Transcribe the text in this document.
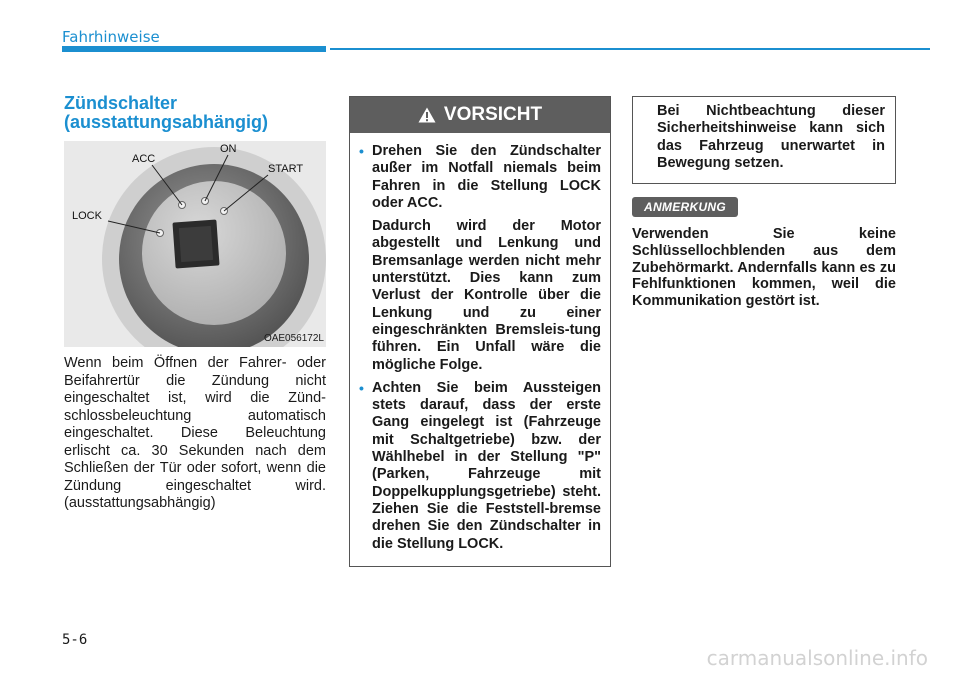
Fahrhinweise
Zündschalter
(ausstattungsabhängig)
ACC
ON
START
LOCK
OAE056172L

Wenn beim Öffnen der Fahrer- oder Beifahrertür die Zündung nicht eingeschaltet ist, wird die Zünd-schlossbeleuchtung automatisch eingeschaltet. Diese Beleuchtung erlischt ca. 30 Sekunden nach dem Schließen der Tür oder sofort, wenn die Zündung eingeschaltet wird. (ausstattungsabhängig)

VORSICHT
• Drehen Sie den Zündschalter außer im Notfall niemals beim Fahren in die Stellung LOCK oder ACC.
Dadurch wird der Motor abgestellt und Lenkung und Bremsanlage werden nicht mehr unterstützt. Dies kann zum Verlust der Kontrolle über die Lenkung und zu einer eingeschränkten Bremsleis-tung führen. Ein Unfall wäre die mögliche Folge.
• Achten Sie beim Aussteigen stets darauf, dass der erste Gang eingelegt ist (Fahrzeuge mit Schaltgetriebe) bzw. der Wählhebel in der Stellung "P" (Parken, Fahrzeuge mit Doppelkupplungsgetriebe) steht. Ziehen Sie die Feststell-bremse drehen Sie den Zündschalter in die Stellung LOCK.
Bei Nichtbeachtung dieser Sicherheitshinweise kann sich das Fahrzeug unerwartet in Bewegung setzen.
ANMERKUNG

Verwenden Sie keine Schlüssellochblenden aus dem Zubehörmarkt. Andernfalls kann es zu Fehlfunktionen kommen, weil die Kommunikation gestört ist.

5-6
carmanualsonline.info
